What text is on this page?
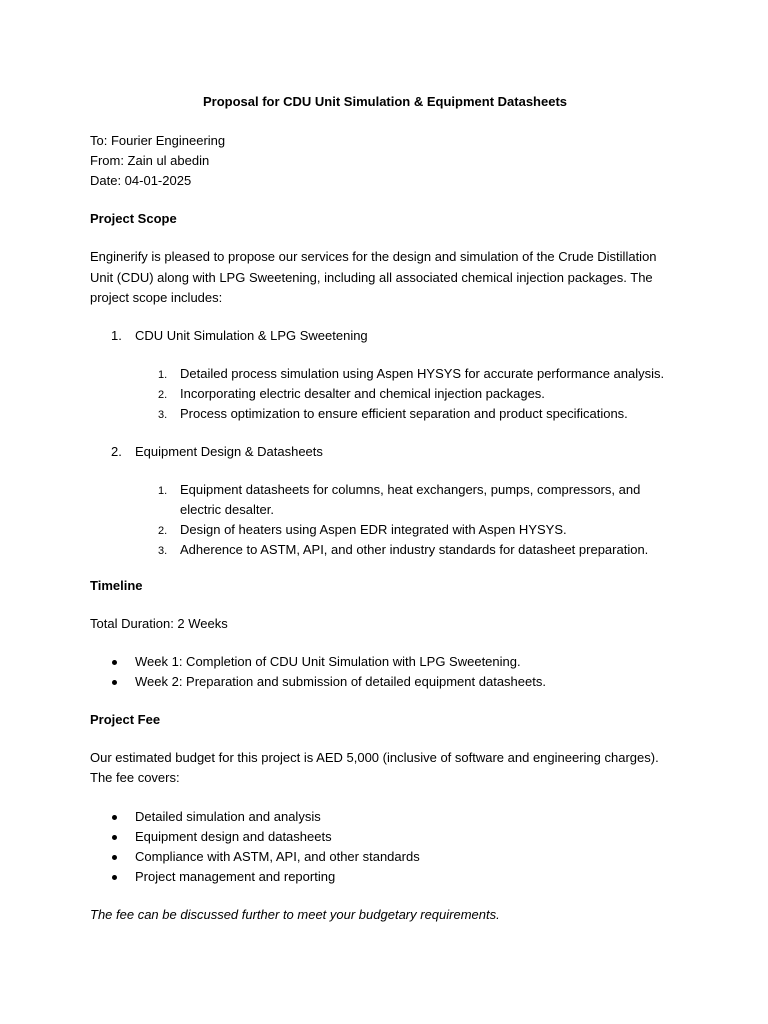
Proposal for CDU Unit Simulation & Equipment Datasheets

To: Fourier Engineering

From: Zain ul abedin

Date: 04-01-2025

Project Scope

Enginerify is pleased to propose our services for the design and simulation of the Crude Distillation Unit (CDU) along with LPG Sweetening, including all associated chemical injection packages. The project scope includes:

1. CDU Unit Simulation & LPG Sweetening
1. Detailed process simulation using Aspen HYSYS for accurate performance analysis.
2. Incorporating electric desalter and chemical injection packages.
3. Process optimization to ensure efficient separation and product specifications.
2. Equipment Design & Datasheets
1. Equipment datasheets for columns, heat exchangers, pumps, compressors, and electric desalter.
2. Design of heaters using Aspen EDR integrated with Aspen HYSYS.
3. Adherence to ASTM, API, and other industry standards for datasheet preparation.

Timeline

Total Duration: 2 Weeks

Week 1: Completion of CDU Unit Simulation with LPG Sweetening.
Week 2: Preparation and submission of detailed equipment datasheets.

Project Fee

Our estimated budget for this project is AED 5,000 (inclusive of software and engineering charges). The fee covers:

Detailed simulation and analysis
Equipment design and datasheets
Compliance with ASTM, API, and other standards
Project management and reporting

The fee can be discussed further to meet your budgetary requirements.
